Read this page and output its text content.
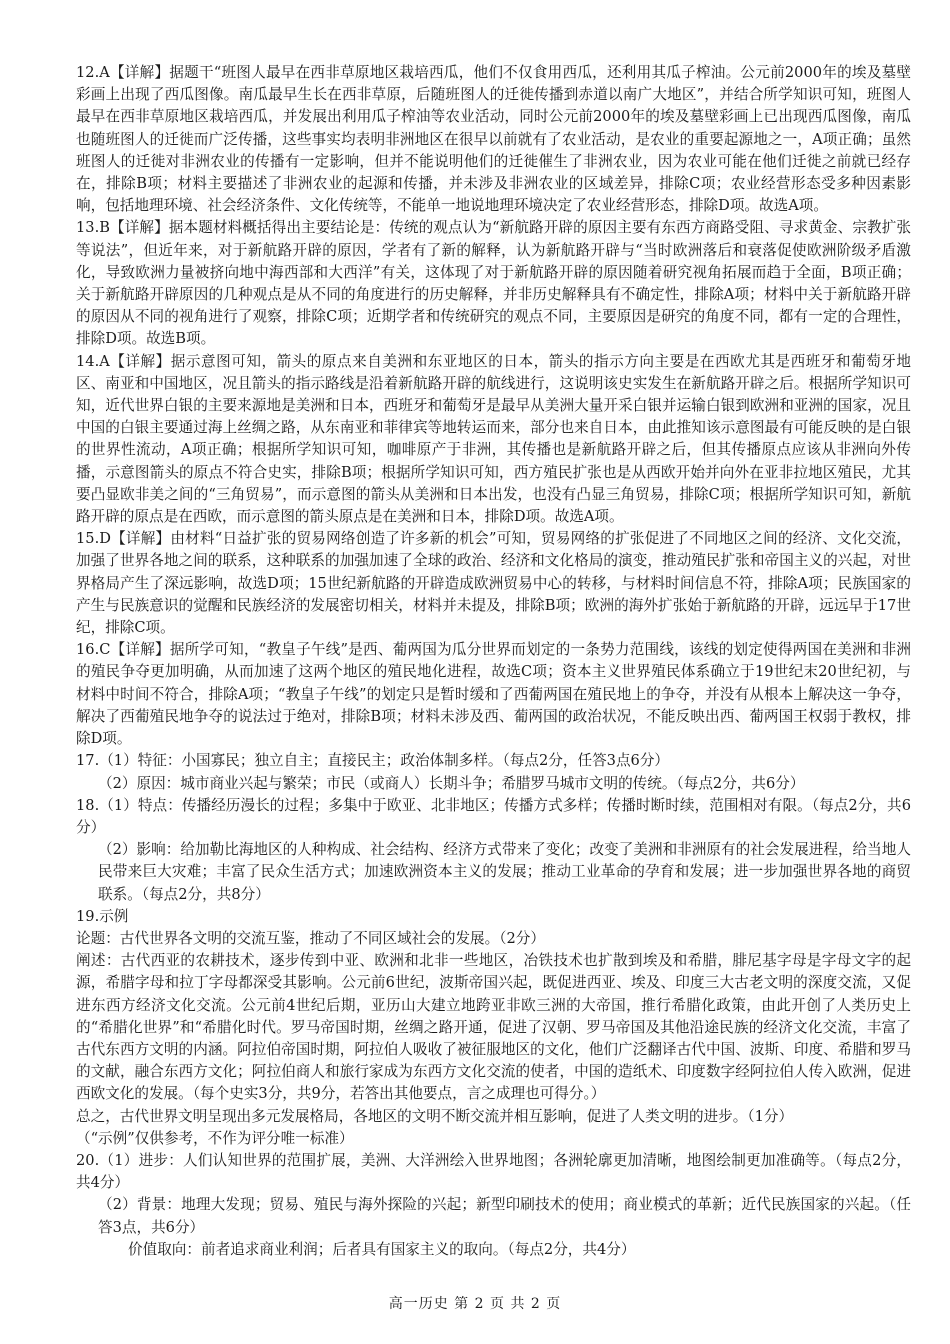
12.A【详解】据题干“班图人最早在西非草原地区栽培西瓜，他们不仅食用西瓜，还利用其瓜子榨油。公元前2000年的埃及墓壁彩画上出现了西瓜图像。南瓜最早生长在西非草原，后随班图人的迁徙传播到赤道以南广大地区”，并结合所学知识可知，班图人最早在西非草原地区栽培西瓜，并发展出利用瓜子榨油等农业活动，同时公元前2000年的埃及墓壁彩画上已出现西瓜图像，南瓜也随班图人的迁徙而广泛传播，这些事实均表明非洲地区在很早以前就有了农业活动，是农业的重要起源地之一，A项正确；虽然班图人的迁徙对非洲农业的传播有一定影响，但并不能说明他们的迁徙催生了非洲农业，因为农业可能在他们迁徙之前就已经存在，排除B项；材料主要描述了非洲农业的起源和传播，并未涉及非洲农业的区域差异，排除C项；农业经营形态受多种因素影响，包括地理环境、社会经济条件、文化传统等，不能单一地说地理环境决定了农业经营形态，排除D项。故选A项。

13.B【详解】据本题材料概括得出主要结论是：传统的观点认为“新航路开辟的原因主要有东西方商路受阻、寻求黄金、宗教扩张等说法”，但近年来，对于新航路开辟的原因，学者有了新的解释，认为新航路开辟与“当时欧洲落后和衰落促使欧洲阶级矛盾激化，导致欧洲力量被挤向地中海西部和大西洋”有关，这体现了对于新航路开辟的原因随着研究视角拓展而趋于全面，B项正确；关于新航路开辟原因的几种观点是从不同的角度进行的历史解释，并非历史解释具有不确定性，排除A项；材料中关于新航路开辟的原因从不同的视角进行了观察，排除C项；近期学者和传统研究的观点不同，主要原因是研究的角度不同，都有一定的合理性，排除D项。故选B项。

14.A【详解】据示意图可知，箭头的原点来自美洲和东亚地区的日本，箭头的指示方向主要是在西欧尤其是西班牙和葡萄牙地区、南亚和中国地区，况且箭头的指示路线是沿着新航路开辟的航线进行，这说明该史实发生在新航路开辟之后。根据所学知识可知，近代世界白银的主要来源地是美洲和日本，西班牙和葡萄牙是最早从美洲大量开采白银并运输白银到欧洲和亚洲的国家，况且中国的白银主要通过海上丝绸之路，从东南亚和菲律宾等地转运而来，部分也来自日本，由此推知该示意图最有可能反映的是白银的世界性流动，A项正确；根据所学知识可知，咖啡原产于非洲，其传播也是新航路开辟之后，但其传播原点应该从非洲向外传播，示意图箭头的原点不符合史实，排除B项；根据所学知识可知，西方殖民扩张也是从西欧开始并向外在亚非拉地区殖民，尤其要凸显欧非美之间的“三角贸易”，而示意图的箭头从美洲和日本出发，也没有凸显三角贸易，排除C项；根据所学知识可知，新航路开辟的原点是在西欧，而示意图的箭头原点是在美洲和日本，排除D项。故选A项。

15.D【详解】由材料“日益扩张的贸易网络创造了许多新的机会”可知，贸易网络的扩张促进了不同地区之间的经济、文化交流，加强了世界各地之间的联系，这种联系的加强加速了全球的政治、经济和文化格局的演变，推动殖民扩张和帝国主义的兴起，对世界格局产生了深远影响，故选D项；15世纪新航路的开辟造成欧洲贸易中心的转移，与材料时间信息不符，排除A项；民族国家的产生与民族意识的觉醒和民族经济的发展密切相关，材料并未提及，排除B项；欧洲的海外扩张始于新航路的开辟，远远早于17世纪，排除C项。

16.C【详解】据所学可知，“教皇子午线”是西、葡两国为瓜分世界而划定的一条势力范围线，该线的划定使得两国在美洲和非洲的殖民争夺更加明确，从而加速了这两个地区的殖民地化进程，故选C项；资本主义世界殖民体系确立于19世纪末20世纪初，与材料中时间不符合，排除A项；“教皇子午线”的划定只是暂时缓和了西葡两国在殖民地上的争夺，并没有从根本上解决这一争夺，解决了西葡殖民地争夺的说法过于绝对，排除B项；材料未涉及西、葡两国的政治状况，不能反映出西、葡两国王权弱于教权，排除D项。

17.（1）特征：小国寡民；独立自主；直接民主；政治体制多样。（每点2分，任答3点6分）

（2）原因：城市商业兴起与繁荣；市民（或商人）长期斗争；希腊罗马城市文明的传统。（每点2分，共6分）

18.（1）特点：传播经历漫长的过程；多集中于欧亚、北非地区；传播方式多样；传播时断时续，范围相对有限。（每点2分，共6分）

（2）影响：给加勒比海地区的人种构成、社会结构、经济方式带来了变化；改变了美洲和非洲原有的社会发展进程，给当地人民带来巨大灾难；丰富了民众生活方式；加速欧洲资本主义的发展；推动工业革命的孕育和发展；进一步加强世界各地的商贸联系。（每点2分，共8分）

19.示例

论题：古代世界各文明的交流互鉴，推动了不同区域社会的发展。（2分）

阐述：古代西亚的农耕技术，逐步传到中亚、欧洲和北非一些地区，冶铁技术也扩散到埃及和希腊，腓尼基字母是字母文字的起源，希腊字母和拉丁字母都深受其影响。公元前6世纪，波斯帝国兴起，既促进西亚、埃及、印度三大古老文明的深度交流，又促进东西方经济文化交流。公元前4世纪后期，亚历山大建立地跨亚非欧三洲的大帝国，推行希腊化政策，由此开创了人类历史上的“希腊化世界”和“希腊化时代。罗马帝国时期，丝绸之路开通，促进了汉朝、罗马帝国及其他沿途民族的经济文化交流，丰富了古代东西方文明的内涵。阿拉伯帝国时期，阿拉伯人吸收了被征服地区的文化，他们广泛翻译古代中国、波斯、印度、希腊和罗马的文献，融合东西方文化；阿拉伯商人和旅行家成为东西方文化交流的使者，中国的造纸术、印度数字经阿拉伯人传入欧洲，促进西欧文化的发展。（每个史实3分，共9分，若答出其他要点，言之成理也可得分。）

总之，古代世界文明呈现出多元发展格局，各地区的文明不断交流并相互影响，促进了人类文明的进步。（1分）

（“示例”仅供参考，不作为评分唯一标准）

20.（1）进步：人们认知世界的范围扩展，美洲、大洋洲绘入世界地图；各洲轮廓更加清晰，地图绘制更加准确等。（每点2分，共4分）

（2）背景：地理大发现；贸易、殖民与海外探险的兴起；新型印刷技术的使用；商业模式的革新；近代民族国家的兴起。（任答3点，共6分）

价值取向：前者追求商业利润；后者具有国家主义的取向。（每点2分，共4分）

高一历史 第 2 页 共 2 页
